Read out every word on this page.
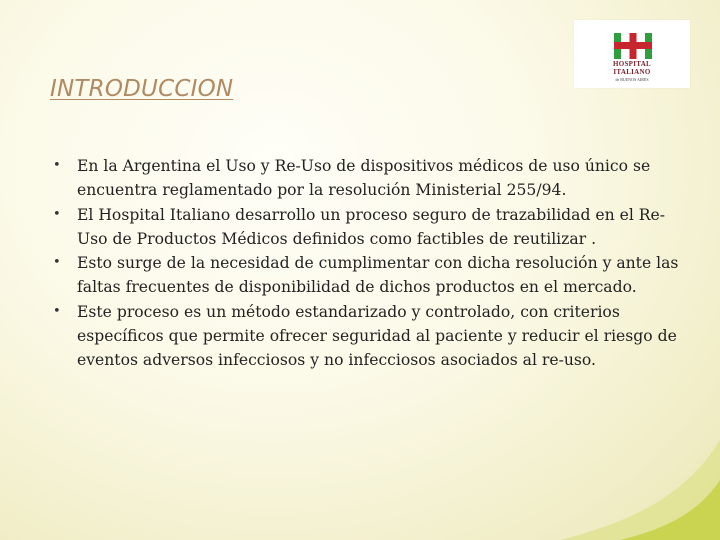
HOSPITAL
ITALIANO
de BUENOS AIRES
INTRODUCCION
• En la Argentina el Uso y Re-Uso de dispositivos médicos de uso único se encuentra reglamentado por la resolución Ministerial 255/94.
• El Hospital Italiano desarrollo un proceso seguro de trazabilidad en el Re-Uso de Productos Médicos definidos como factibles de reutilizar .
• Esto surge de la necesidad de cumplimentar con dicha resolución y ante las faltas frecuentes de disponibilidad de dichos productos en el mercado.
• Este proceso es un método estandarizado y controlado, con criterios específicos que permite ofrecer seguridad al paciente y reducir el riesgo de eventos adversos infecciosos y no infecciosos asociados al re-uso.
